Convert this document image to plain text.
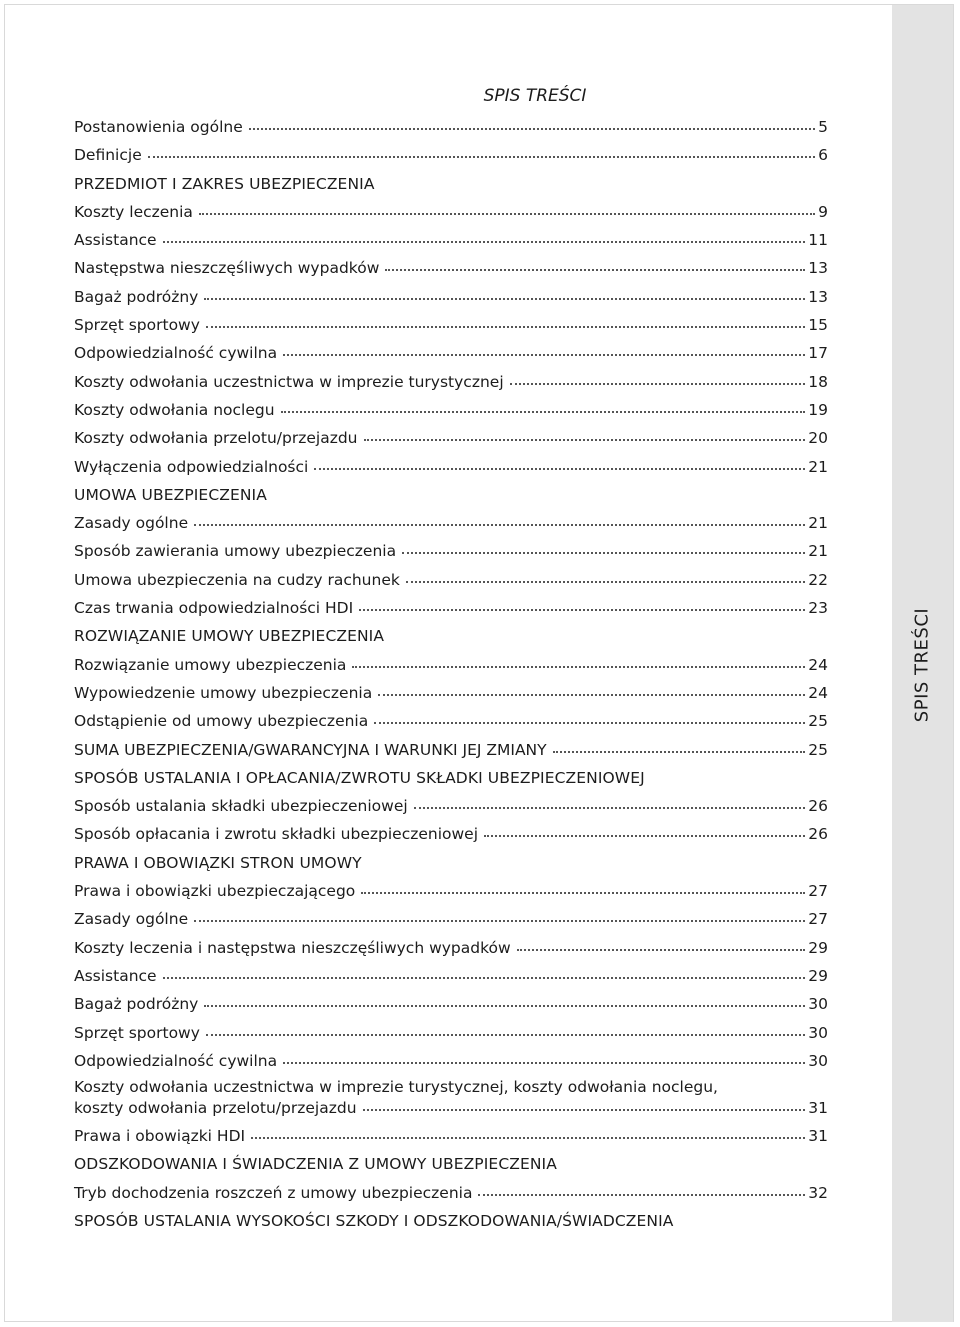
SPIS TREŚCI
SPIS TREŚCI
Postanowienia ogólne	5
Definicje	6
PRZEDMIOT I ZAKRES UBEZPIECZENIA
Koszty leczenia	9
Assistance	11
Następstwa nieszczęśliwych wypadków	13
Bagaż podróżny	13
Sprzęt sportowy	15
Odpowiedzialność cywilna	17
Koszty odwołania uczestnictwa w imprezie turystycznej	18
Koszty odwołania noclegu	19
Koszty odwołania przelotu/przejazdu	20
Wyłączenia odpowiedzialności	21
UMOWA UBEZPIECZENIA
Zasady ogólne	21
Sposób zawierania umowy ubezpieczenia	21
Umowa ubezpieczenia na cudzy rachunek	22
Czas trwania odpowiedzialności HDI	23
ROZWIĄZANIE UMOWY UBEZPIECZENIA
Rozwiązanie umowy ubezpieczenia	24
Wypowiedzenie umowy ubezpieczenia	24
Odstąpienie od umowy ubezpieczenia	25
SUMA UBEZPIECZENIA/GWARANCYJNA I WARUNKI JEJ ZMIANY	25
SPOSÓB USTALANIA I OPŁACANIA/ZWROTU SKŁADKI UBEZPIECZENIOWEJ
Sposób ustalania składki ubezpieczeniowej	26
Sposób opłacania i zwrotu składki ubezpieczeniowej	26
PRAWA I OBOWIĄZKI STRON UMOWY
Prawa i obowiązki ubezpieczającego	27
Zasady ogólne	27
Koszty leczenia i następstwa nieszczęśliwych wypadków	29
Assistance	29
Bagaż podróżny	30
Sprzęt sportowy	30
Odpowiedzialność cywilna	30
Koszty odwołania uczestnictwa w imprezie turystycznej, koszty odwołania noclegu,
koszty odwołania przelotu/przejazdu	31
Prawa i obowiązki HDI	31
ODSZKODOWANIA I ŚWIADCZENIA Z UMOWY UBEZPIECZENIA
Tryb dochodzenia roszczeń z umowy ubezpieczenia	32
SPOSÓB USTALANIA WYSOKOŚCI SZKODY I ODSZKODOWANIA/ŚWIADCZENIA
